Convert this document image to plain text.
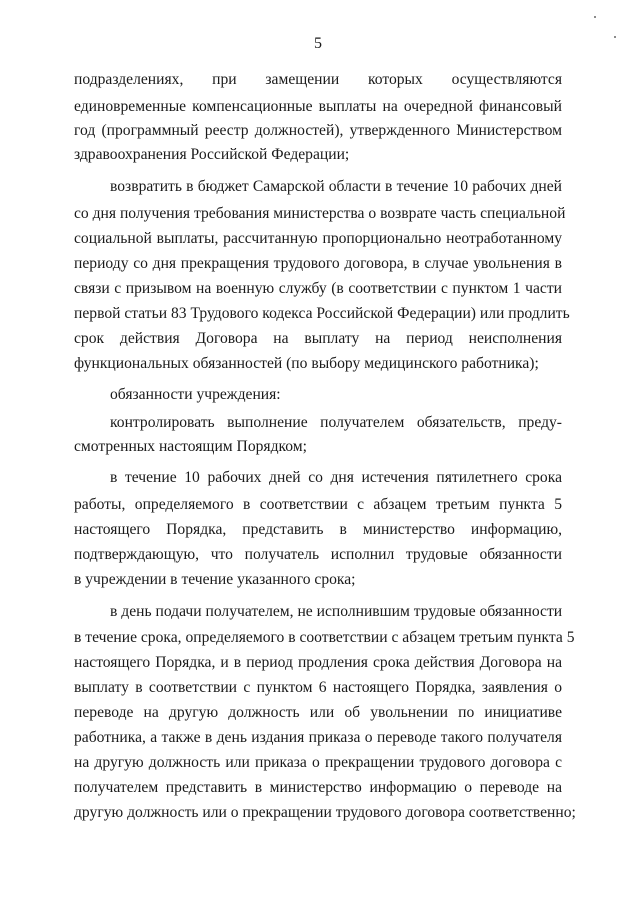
5
подразделениях, при замещении которых осуществляются
единовременные компенсационные выплаты на очередной финансовый
год (программный реестр должностей), утвержденного Министерством
здравоохранения Российской Федерации;
возвратить в бюджет Самарской области в течение 10 рабочих дней
со дня получения требования министерства о возврате часть специальной
социальной выплаты, рассчитанную пропорционально неотработанному
периоду со дня прекращения трудового договора, в случае увольнения в
связи с призывом на военную службу (в соответствии с пунктом 1 части
первой статьи 83 Трудового кодекса Российской Федерации) или продлить
срок действия Договора на выплату на период неисполнения
функциональных обязанностей (по выбору медицинского работника);
обязанности учреждения:
контролировать выполнение получателем обязательств, преду-
смотренных настоящим Порядком;
в течение 10 рабочих дней со дня истечения пятилетнего срока
работы, определяемого в соответствии с абзацем третьим пункта 5
настоящего Порядка, представить в министерство информацию,
подтверждающую, что получатель исполнил трудовые обязанности
в учреждении в течение указанного срока;
в день подачи получателем, не исполнившим трудовые обязанности
в течение срока, определяемого в соответствии с абзацем третьим пункта 5
настоящего Порядка, и в период продления срока действия Договора на
выплату в соответствии с пунктом 6 настоящего Порядка, заявления о
переводе на другую должность или об увольнении по инициативе
работника, а также в день издания приказа о переводе такого получателя
на другую должность или приказа о прекращении трудового договора с
получателем представить в министерство информацию о переводе на
другую должность или о прекращении трудового договора соответственно;
